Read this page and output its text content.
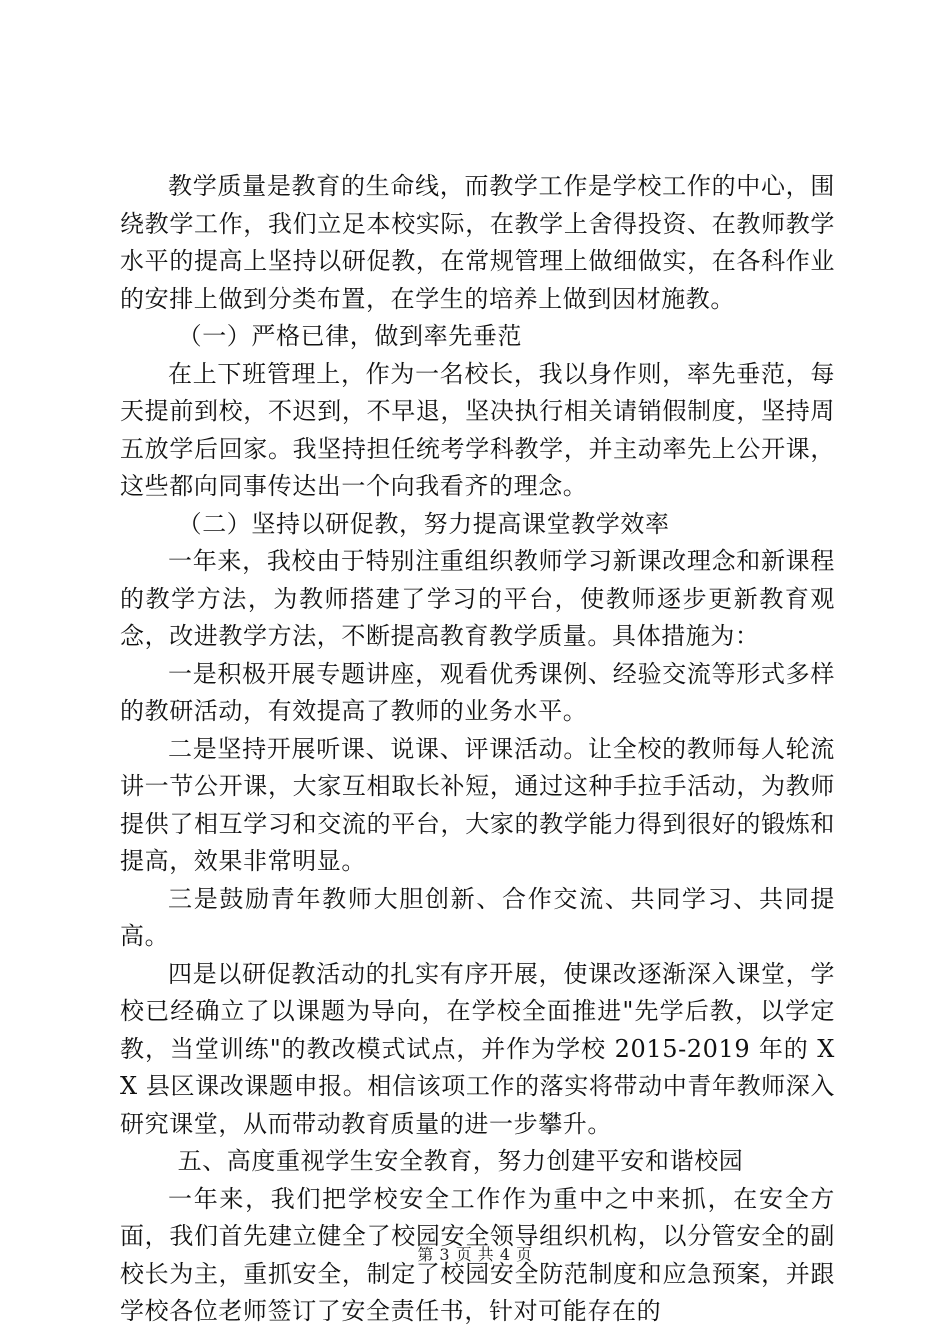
教学质量是教育的生命线，而教学工作是学校工作的中心，围绕教学工作，我们立足本校实际，在教学上舍得投资、在教师教学水平的提高上坚持以研促教，在常规管理上做细做实，在各科作业的安排上做到分类布置，在学生的培养上做到因材施教。

（一）严格已律，做到率先垂范

在上下班管理上，作为一名校长，我以身作则，率先垂范，每天提前到校，不迟到，不早退，坚决执行相关请销假制度，坚持周五放学后回家。我坚持担任统考学科教学，并主动率先上公开课，这些都向同事传达出一个向我看齐的理念。

（二）坚持以研促教，努力提高课堂教学效率

一年来，我校由于特别注重组织教师学习新课改理念和新课程的教学方法，为教师搭建了学习的平台，使教师逐步更新教育观念，改进教学方法，不断提高教育教学质量。具体措施为：

一是积极开展专题讲座，观看优秀课例、经验交流等形式多样的教研活动，有效提高了教师的业务水平。

二是坚持开展听课、说课、评课活动。让全校的教师每人轮流讲一节公开课，大家互相取长补短，通过这种手拉手活动，为教师提供了相互学习和交流的平台，大家的教学能力得到很好的锻炼和提高，效果非常明显。

三是鼓励青年教师大胆创新、合作交流、共同学习、共同提高。

四是以研促教活动的扎实有序开展，使课改逐渐深入课堂，学校已经确立了以课题为导向，在学校全面推进"先学后教，以学定教，当堂训练"的教改模式试点，并作为学校 2015-2019 年的 XX 县区课改课题申报。相信该项工作的落实将带动中青年教师深入研究课堂，从而带动教育质量的进一步攀升。

五、高度重视学生安全教育，努力创建平安和谐校园

一年来，我们把学校安全工作作为重中之中来抓，在安全方面，我们首先建立健全了校园安全领导组织机构，以分管安全的副校长为主，重抓安全，制定了校园安全防范制度和应急预案，并跟学校各位老师签订了安全责任书，针对可能存在的

第 3 页 共 4 页
